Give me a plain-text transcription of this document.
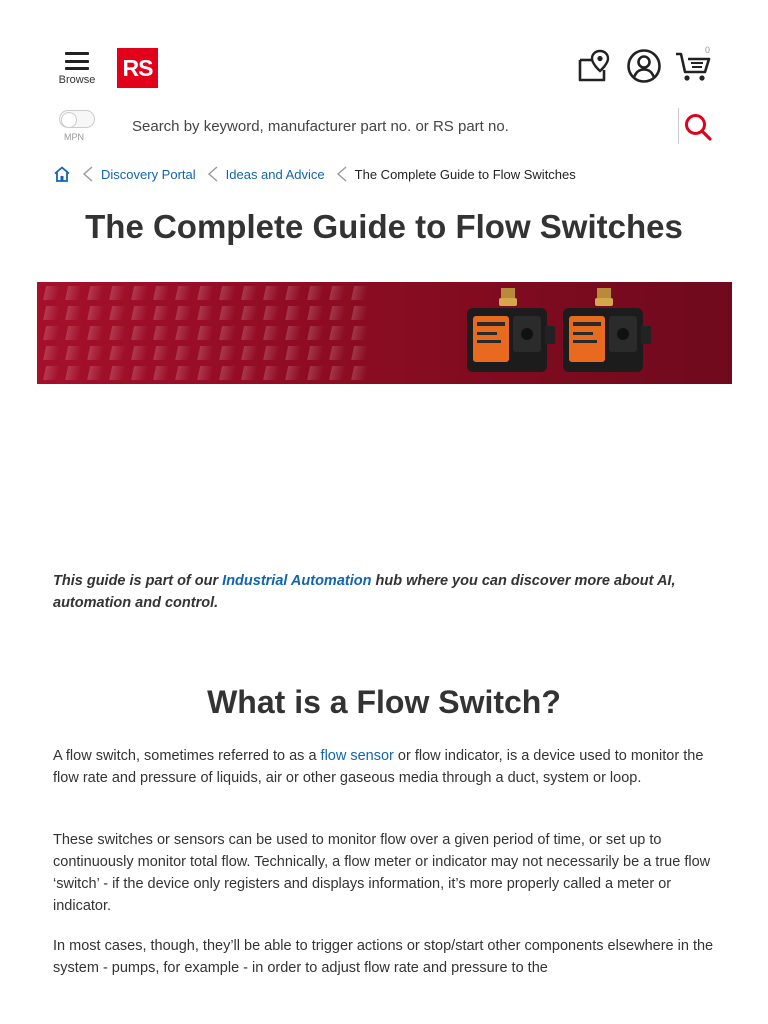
Browse RS
0
MPN
Search by keyword, manufacturer part no. or RS part no.
Discovery Portal Ideas and Advice The Complete Guide to Flow Switches
The Complete Guide to Flow Switches

This guide is part of our Industrial Automation hub where you can discover more about AI, automation and control.

What is a Flow Switch?

A flow switch, sometimes referred to as a flow sensor or flow indicator, is a device used to monitor the flow rate and pressure of liquids, air or other gaseous media through a duct, system or loop.

These switches or sensors can be used to monitor flow over a given period of time, or set up to continuously monitor total flow. Technically, a flow meter or indicator may not necessarily be a true flow ‘switch’ - if the device only registers and displays information, it’s more properly called a meter or indicator.

In most cases, though, they’ll be able to trigger actions or stop/start other components elsewhere in the system - pumps, for example - in order to adjust flow rate and pressure to the
